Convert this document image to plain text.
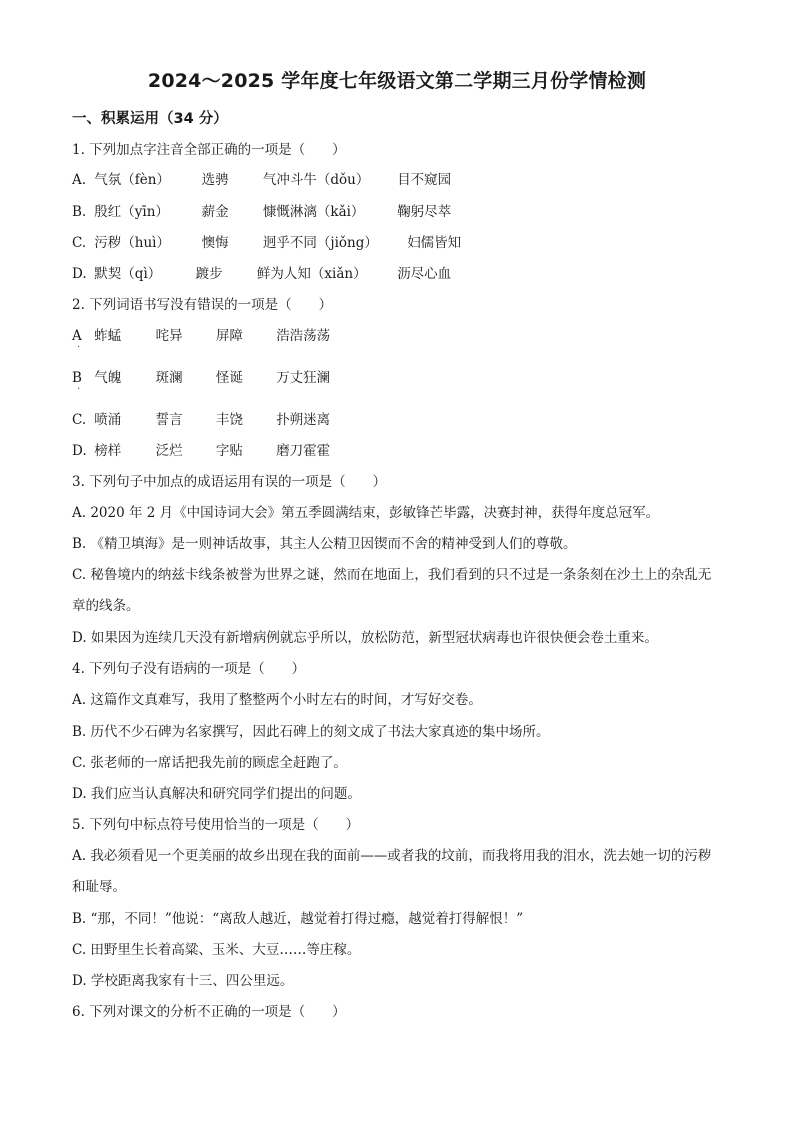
2024～2025 学年度七年级语文第二学期三月份学情检测
一、积累运用（34 分）
1. 下列加点字注音全部正确的一项是（　　）
A. 气氛（fèn） 选骋	气冲斗牛（dǒu） 目不窥园
B. 殷红（yīn） 薪金	慷慨淋漓（kǎi） 鞠躬尽萃
C. 污秽（huì） 懊悔	迥乎不同（jiǒng） 妇儒皆知
D. 默契（qì）	踱步	鲜为人知（xiǎn） 沥尽心血
2. 下列词语书写没有错误的一项是（　　）
A 蚱蜢	咤异 屏障 浩浩荡荡
·
B 气魄	斑澜 怪诞 万丈狂澜
·
C. 喷涌	誓言 丰饶 扑朔迷离
D. 榜样	泛烂 字贴 磨刀霍霍
3. 下列句子中加点的成语运用有误的一项是（　　）
A. 2020 年 2 月《中国诗词大会》第五季圆满结束，彭敏锋芒毕露，决赛封神，获得年度总冠军。
B. 《精卫填海》是一则神话故事，其主人公精卫因锲而不舍的精神受到人们的尊敬。
C. 秘鲁境内的纳兹卡线条被誉为世界之谜，然而在地面上，我们看到的只不过是一条条刻在沙土上的杂乱无章的线条。
D. 如果因为连续几天没有新增病例就忘乎所以，放松防范，新型冠状病毒也许很快便会卷土重来。
4. 下列句子没有语病的一项是（　　）
A. 这篇作文真难写，我用了整整两个小时左右的时间，才写好交卷。
B. 历代不少石碑为名家撰写，因此石碑上的刻文成了书法大家真迹的集中场所。
C. 张老师的一席话把我先前的顾虑全赶跑了。
D. 我们应当认真解决和研究同学们提出的问题。
5. 下列句中标点符号使用恰当的一项是（　　）
A. 我必须看见一个更美丽的故乡出现在我的面前——或者我的坟前，而我将用我的泪水，洗去她一切的污秽和耻辱。
B. “那，不同！”他说：“离敌人越近，越觉着打得过瘾，越觉着打得解恨！”
C. 田野里生长着高粱、玉米、大豆……等庄稼。
D. 学校距离我家有十三、四公里远。
6. 下列对课文的分析不正确的一项是（　　）
